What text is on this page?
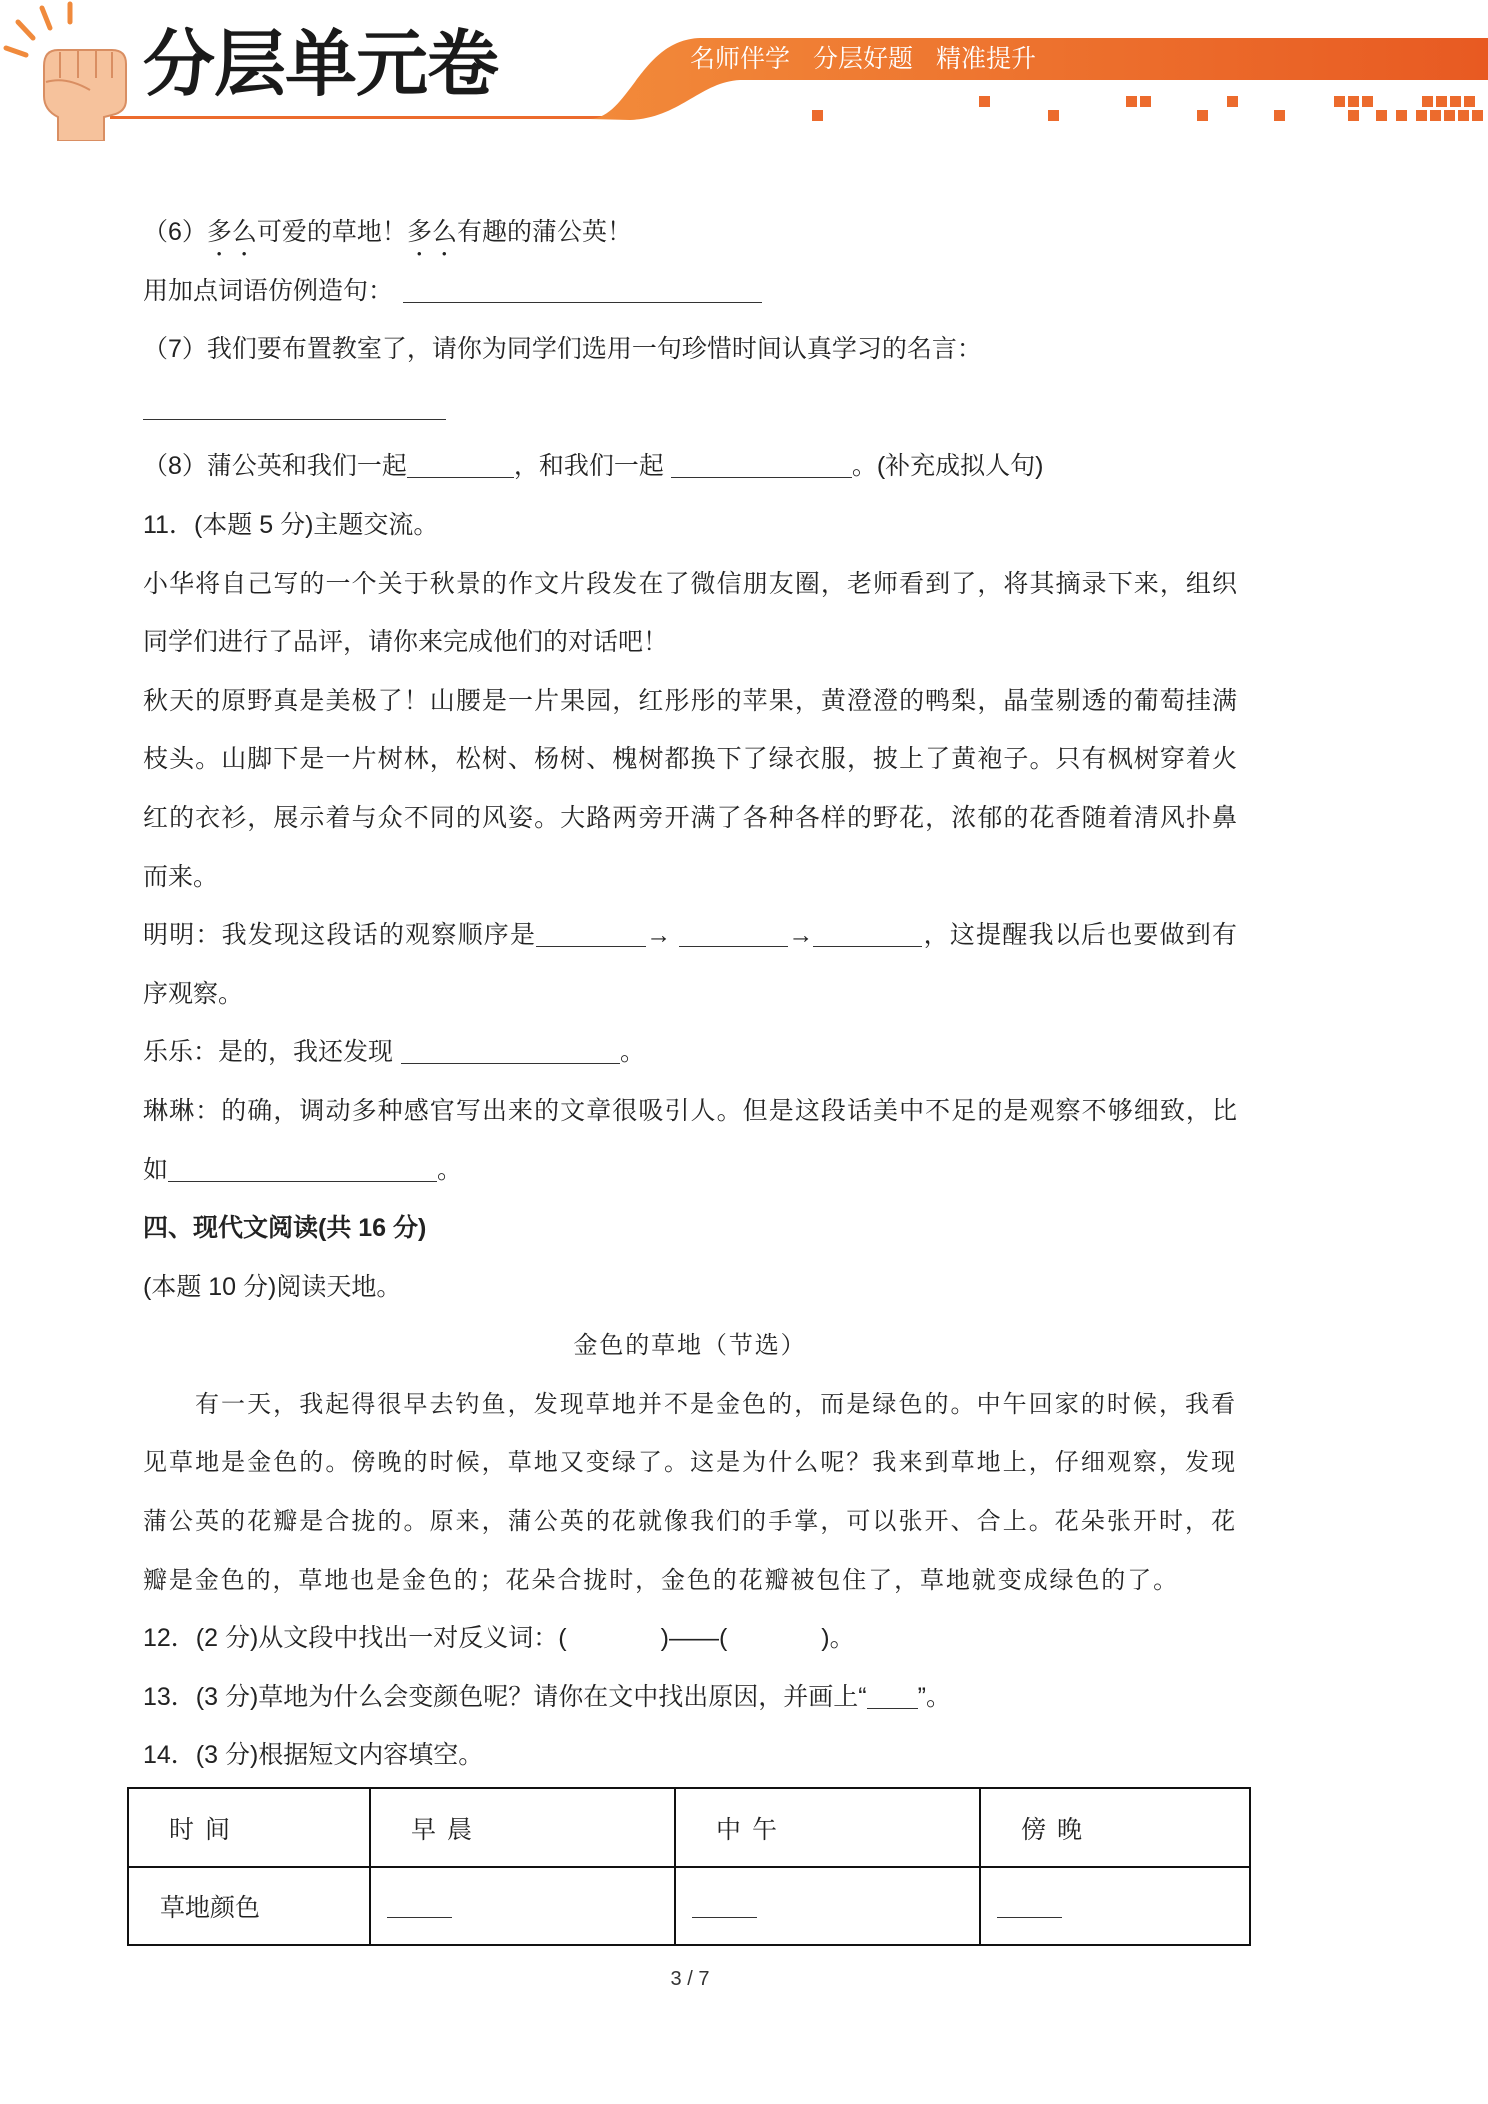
分层单元卷	名师伴学 分层好题 精准提升
（6）多么可爱的草地！多么有趣的蒲公英！
用加点词语仿例造句：
（7）我们要布置教室了，请你为同学们选用一句珍惜时间认真学习的名言：
（8）蒲公英和我们一起	，和我们一起	。(补充成拟人句)
11．(本题 5 分)主题交流。
小华将自己写的一个关于秋景的作文片段发在了微信朋友圈，老师看到了，将其摘录下来，组织
同学们进行了品评，请你来完成他们的对话吧！
秋天的原野真是美极了！山腰是一片果园，红彤彤的苹果，黄澄澄的鸭梨，晶莹剔透的葡萄挂满
枝头。山脚下是一片树林，松树、杨树、槐树都换下了绿衣服，披上了黄袍子。只有枫树穿着火
红的衣衫，展示着与众不同的风姿。大路两旁开满了各种各样的野花，浓郁的花香随着清风扑鼻
而来。
明明：我发现这段话的观察顺序是	→	→	，这提醒我以后也要做到有
序观察。
乐乐：是的，我还发现	。
琳琳：的确，调动多种感官写出来的文章很吸引人。但是这段话美中不足的是观察不够细致，比
如	。
四、现代文阅读(共 16 分)
(本题 10 分)阅读天地。
金色的草地（节选）
有一天，我起得很早去钓鱼，发现草地并不是金色的，而是绿色的。中午回家的时候，我看
见草地是金色的。傍晚的时候，草地又变绿了。这是为什么呢？我来到草地上，仔细观察，发现
蒲公英的花瓣是合拢的。原来，蒲公英的花就像我们的手掌，可以张开、合上。花朵张开时，花
瓣是金色的，草地也是金色的；花朵合拢时，金色的花瓣被包住了，草地就变成绿色的了。
12．(2 分)从文段中找出一对反义词：(	)——(	)。
13．(3 分)草地为什么会变颜色呢？请你在文中找出原因，并画上“ ”。
14．(3 分)根据短文内容填空。
时 间	早 晨	中 午	傍 晚
草地颜色			
3 / 7
